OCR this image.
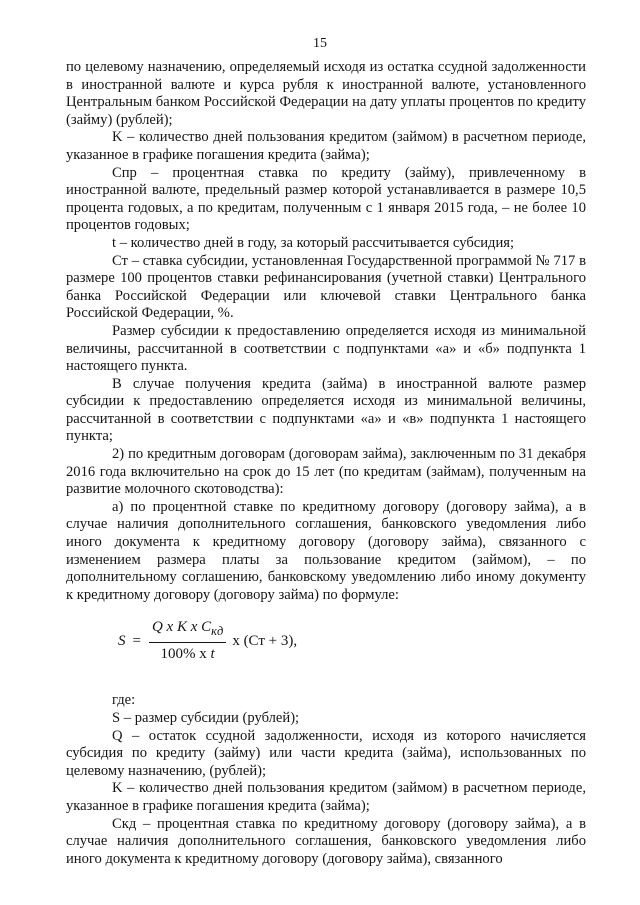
15

по целевому назначению, определяемый исходя из остатка ссудной задолженности в иностранной валюте и курса рубля к иностранной валюте, установленного Центральным банком Российской Федерации на дату уплаты процентов по кредиту (займу) (рублей);

K – количество дней пользования кредитом (займом) в расчетном периоде, указанное в графике погашения кредита (займа);

Спр – процентная ставка по кредиту (займу), привлеченному в иностранной валюте, предельный размер которой устанавливается в размере 10,5 процента годовых, а по кредитам, полученным с 1 января 2015 года, – не более 10 процентов годовых;

t – количество дней в году, за который рассчитывается субсидия;

Ст – ставка субсидии, установленная Государственной программой № 717 в размере 100 процентов ставки рефинансирования (учетной ставки) Центрального банка Российской Федерации или ключевой ставки Центрального банка Российской Федерации, %.

Размер субсидии к предоставлению определяется исходя из минимальной величины, рассчитанной в соответствии с подпунктами «а» и «б» подпункта 1 настоящего пункта.

В случае получения кредита (займа) в иностранной валюте размер субсидии к предоставлению определяется исходя из минимальной величины, рассчитанной в соответствии с подпунктами «а» и «в» подпункта 1 настоящего пункта;

2) по кредитным договорам (договорам займа), заключенным по 31 декабря 2016 года включительно на срок до 15 лет (по кредитам (займам), полученным на развитие молочного скотоводства):

а) по процентной ставке по кредитному договору (договору займа), а в случае наличия дополнительного соглашения, банковского уведомления либо иного документа к кредитному договору (договору займа), связанного с изменением размера платы за пользование кредитом (займом), – по дополнительному соглашению, банковскому уведомлению либо иному документу к кредитному договору (договору займа) по формуле:

$S = \frac{Q x K x C_{кд}}{\text{100\% x t}}$ x (Ст + 3),

где:

S – размер субсидии (рублей);

Q – остаток ссудной задолженности, исходя из которого начисляется субсидия по кредиту (займу) или части кредита (займа), использованных по целевому назначению, (рублей);

K – количество дней пользования кредитом (займом) в расчетном периоде, указанное в графике погашения кредита (займа);

Cкд – процентная ставка по кредитному договору (договору займа), а в случае наличия дополнительного соглашения, банковского уведомления либо иного документа к кредитному договору (договору займа), связанного
